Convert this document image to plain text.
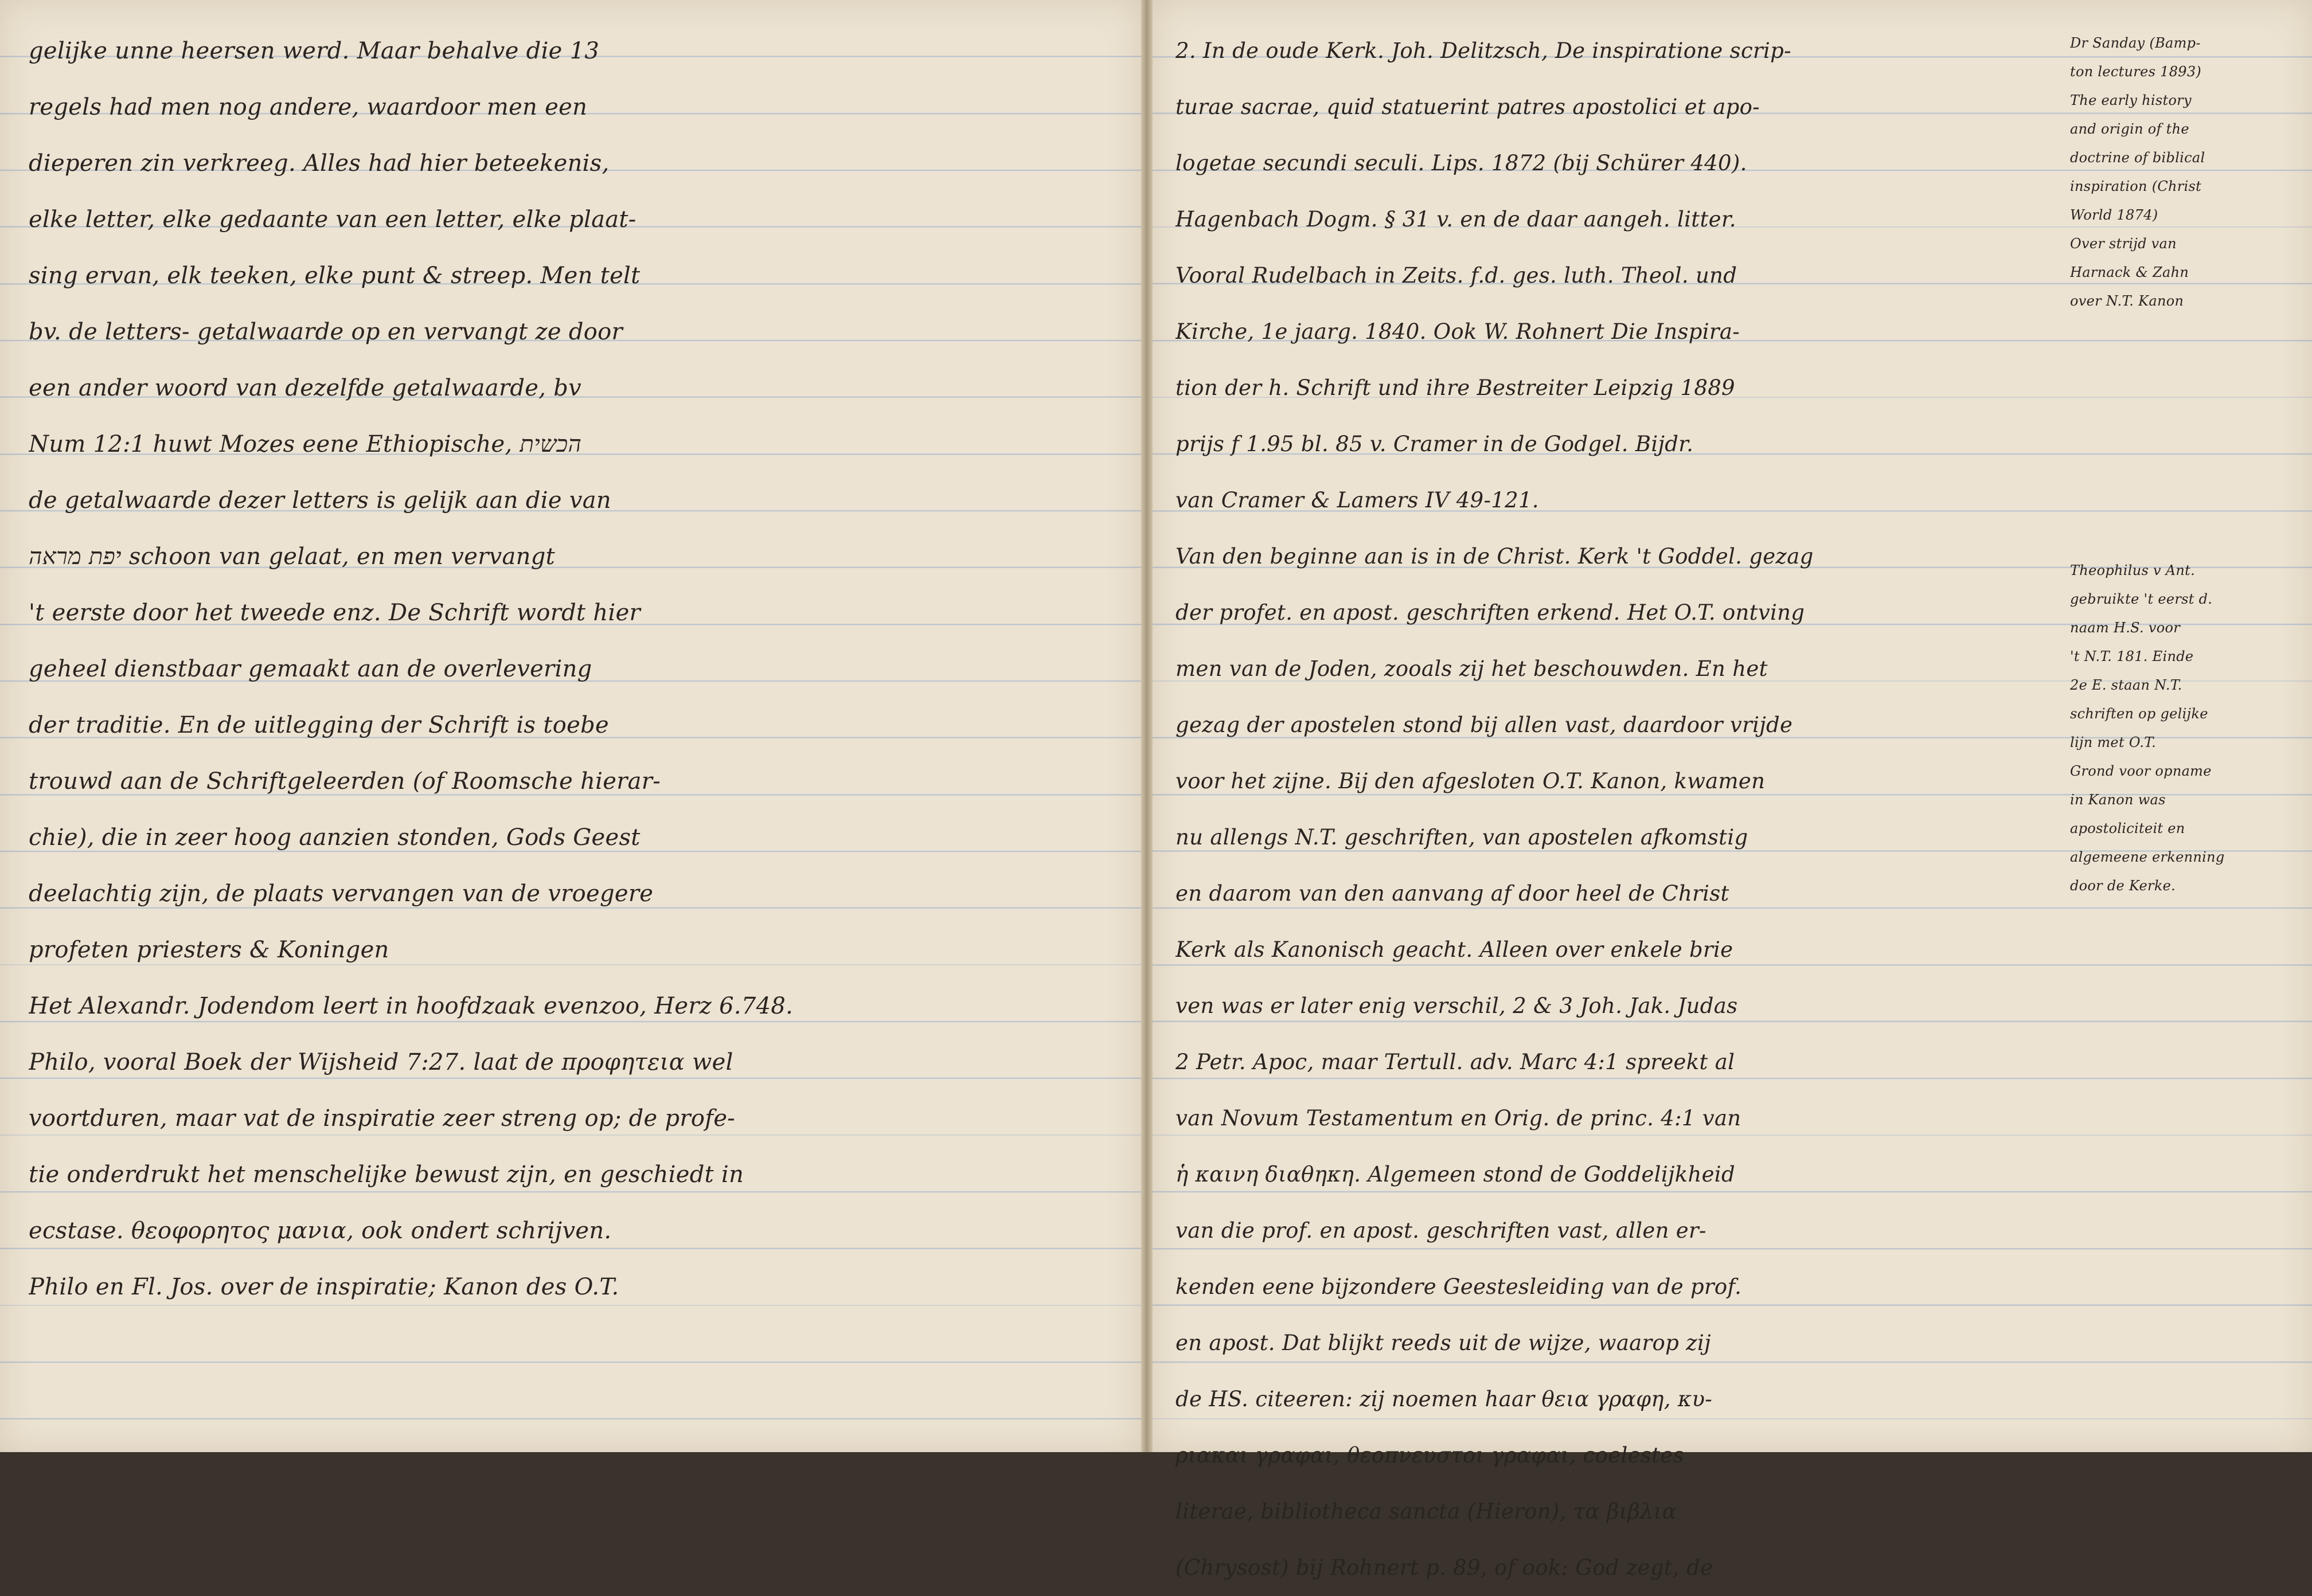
gelijke unne heersen werd. Maar behalve die 13
regels had men nog andere, waardoor men een
dieperen zin verkreeg. Alles had hier beteekenis,
elke letter, elke gedaante van een letter, elke plaat-
sing ervan, elk teeken, elke punt & streep. Men telt
bv. de letters- getalwaarde op en vervangt ze door
een ander woord van dezelfde getalwaarde, bv
Num 12:1 huwt Mozes eene Ethiopische, הכשית
de getalwaarde dezer letters is gelijk aan die van
יפת מראה schoon van gelaat, en men vervangt
't eerste door het tweede enz. De Schrift wordt hier
geheel dienstbaar gemaakt aan de overlevering
der traditie. En de uitlegging der Schrift is toebe
trouwd aan de Schriftgeleerden (of Roomsche hierar-
chie), die in zeer hoog aanzien stonden, Gods Geest
deelachtig zijn, de plaats vervangen van de vroegere
profeten priesters & Koningen
Het Alexandr. Jodendom leert in hoofdzaak evenzoo, Herz 6.748.
Philo, vooral Boek der Wijsheid 7:27. laat de προφητεια wel
voortduren, maar vat de inspiratie zeer streng op; de profe-
tie onderdrukt het menschelijke bewust zijn, en geschiedt in
ecstase. θεοφορητος μανια, ook ondert schrijven.
Philo en Fl. Jos. over de inspiratie; Kanon des O.T.
2. In de oude Kerk. Joh. Delitzsch, De inspiratione scrip-
turae sacrae, quid statuerint patres apostolici et apo-
logetae secundi seculi. Lips. 1872 (bij Schürer 440).
Hagenbach Dogm. § 31 v. en de daar aangeh. litter.
Vooral Rudelbach in Zeits. f.d. ges. luth. Theol. und
Kirche, 1e jaarg. 1840. Ook W. Rohnert Die Inspira-
tion der h. Schrift und ihre Bestreiter Leipzig 1889
prijs f 1.95 bl. 85 v. Cramer in de Godgel. Bijdr.
van Cramer & Lamers IV 49-121.
Van den beginne aan is in de Christ. Kerk 't Goddel. gezag
der profet. en apost. geschriften erkend. Het O.T. ontving
men van de Joden, zooals zij het beschouwden. En het
gezag der apostelen stond bij allen vast, daardoor vrijde
voor het zijne. Bij den afgesloten O.T. Kanon, kwamen
nu allengs N.T. geschriften, van apostelen afkomstig
en daarom van den aanvang af door heel de Christ
Kerk als Kanonisch geacht. Alleen over enkele brie
ven was er later enig verschil, 2 & 3 Joh. Jak. Judas
2 Petr. Apoc, maar Tertull. adv. Marc 4:1 spreekt al
van Novum Testamentum en Orig. de princ. 4:1 van
ἡ καινη διαθηκη. Algemeen stond de Goddelijkheid
van die prof. en apost. geschriften vast, allen er-
kenden eene bijzondere Geestesleiding van de prof.
en apost. Dat blijkt reeds uit de wijze, waarop zij
de HS. citeeren: zij noemen haar θεια γραφη, κυ-
ριακαι γραφαι, θεοπνευστοι γραφαι, coelestes
literae, bibliotheca sancta (Hieron), τα βιβλια
(Chrysost) bij Rohnert p. 89, of ook: God zegt, de
Dr Sanday (Bamp-
ton lectures 1893)
The early history
and origin of the
doctrine of biblical
inspiration (Christ
World 1874)
Over strijd van
Harnack & Zahn
over N.T. Kanon
Theophilus v Ant.
gebruikte 't eerst d.
naam H.S. voor
't N.T. 181. Einde
2e E. staan N.T.
schriften op gelijke
lijn met O.T.
Grond voor opname
in Kanon was
apostoliciteit en
algemeene erkenning
door de Kerke.
